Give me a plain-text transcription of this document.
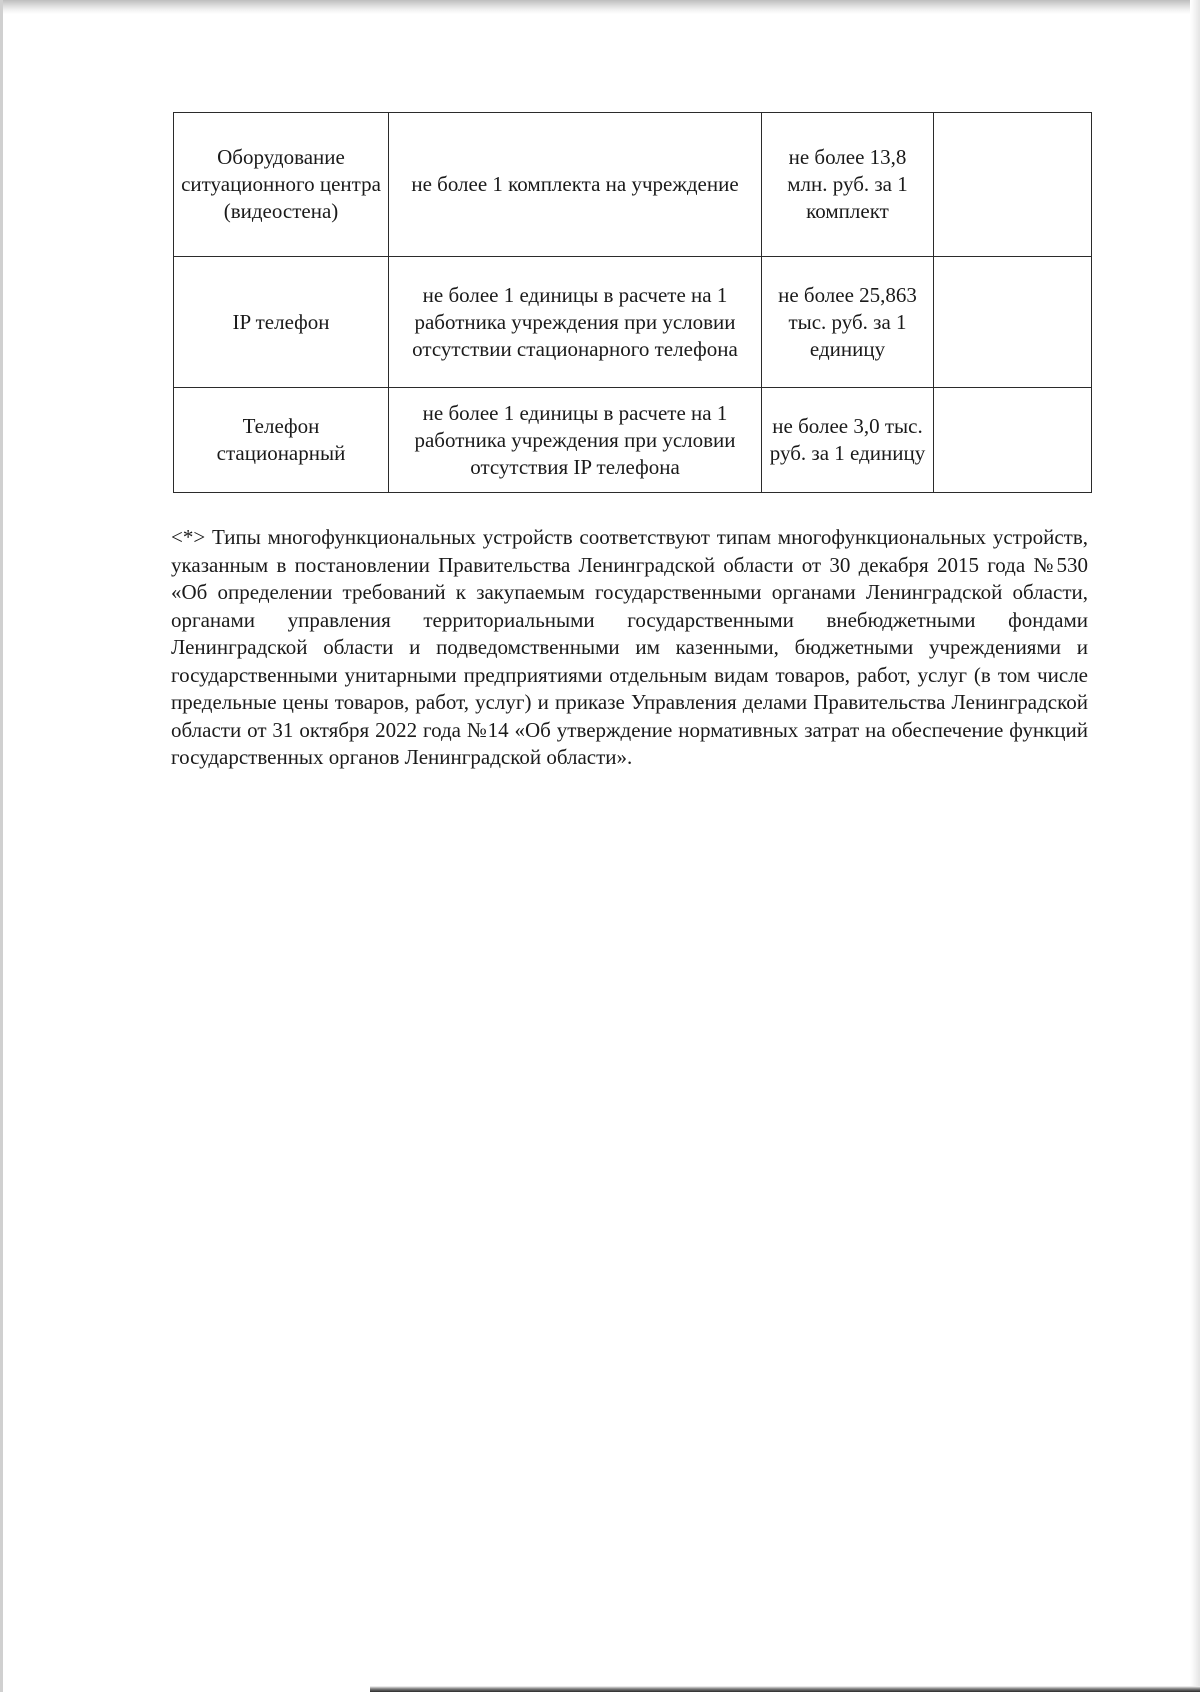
Оборудование ситуационного центра (видеостена)	не более 1 комплекта на учреждение	не более 13,8 млн. руб. за 1 комплект	
IP телефон	не более 1 единицы в расчете на 1 работника учреждения при условии отсутствии стационарного телефона	не более 25,863 тыс. руб. за 1 единицу	
Телефон стационарный	не более 1 единицы в расчете на 1 работника учреждения при условии отсутствия IP телефона	не более 3,0 тыс. руб. за 1 единицу	

<*> Типы многофункциональных устройств соответствуют типам многофункциональных устройств, указанным в постановлении Правительства Ленинградской области от 30 декабря 2015 года №530 «Об определении требований к закупаемым государственными органами Ленинградской области, органами управления территориальными государственными внебюджетными фондами Ленинградской области и подведомственными им казенными, бюджетными учреждениями и государственными унитарными предприятиями отдельным видам товаров, работ, услуг (в том числе предельные цены товаров, работ, услуг) и приказе Управления делами Правительства Ленинградской области от 31 октября 2022 года №14 «Об утверждение нормативных затрат на обеспечение функций государственных органов Ленинградской области».
